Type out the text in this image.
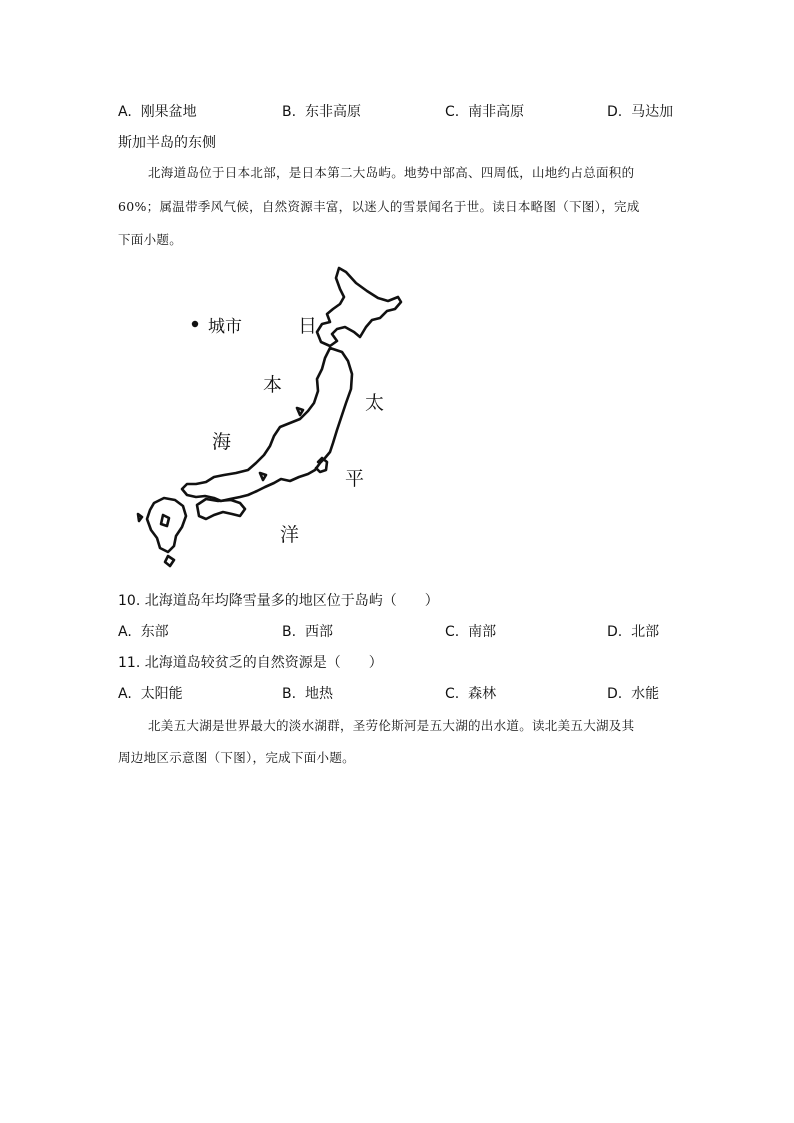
A. 刚果盆地	B. 东非高原	C. 南非高原	D. 马达加
斯加半岛的东侧
北海道岛位于日本北部，是日本第二大岛屿。地势中部高、四周低，山地约占总面积的
60%；属温带季风气候，自然资源丰富，以迷人的雪景闻名于世。读日本略图（下图），完成
下面小题。
城市	日
本
海
太
平
洋
10. 北海道岛年均降雪量多的地区位于岛屿（　　）
A. 东部	B. 西部	C. 南部	D. 北部
11. 北海道岛较贫乏的自然资源是（　　）
A. 太阳能	B. 地热	C. 森林	D. 水能
北美五大湖是世界最大的淡水湖群，圣劳伦斯河是五大湖的出水道。读北美五大湖及其
周边地区示意图（下图），完成下面小题。
